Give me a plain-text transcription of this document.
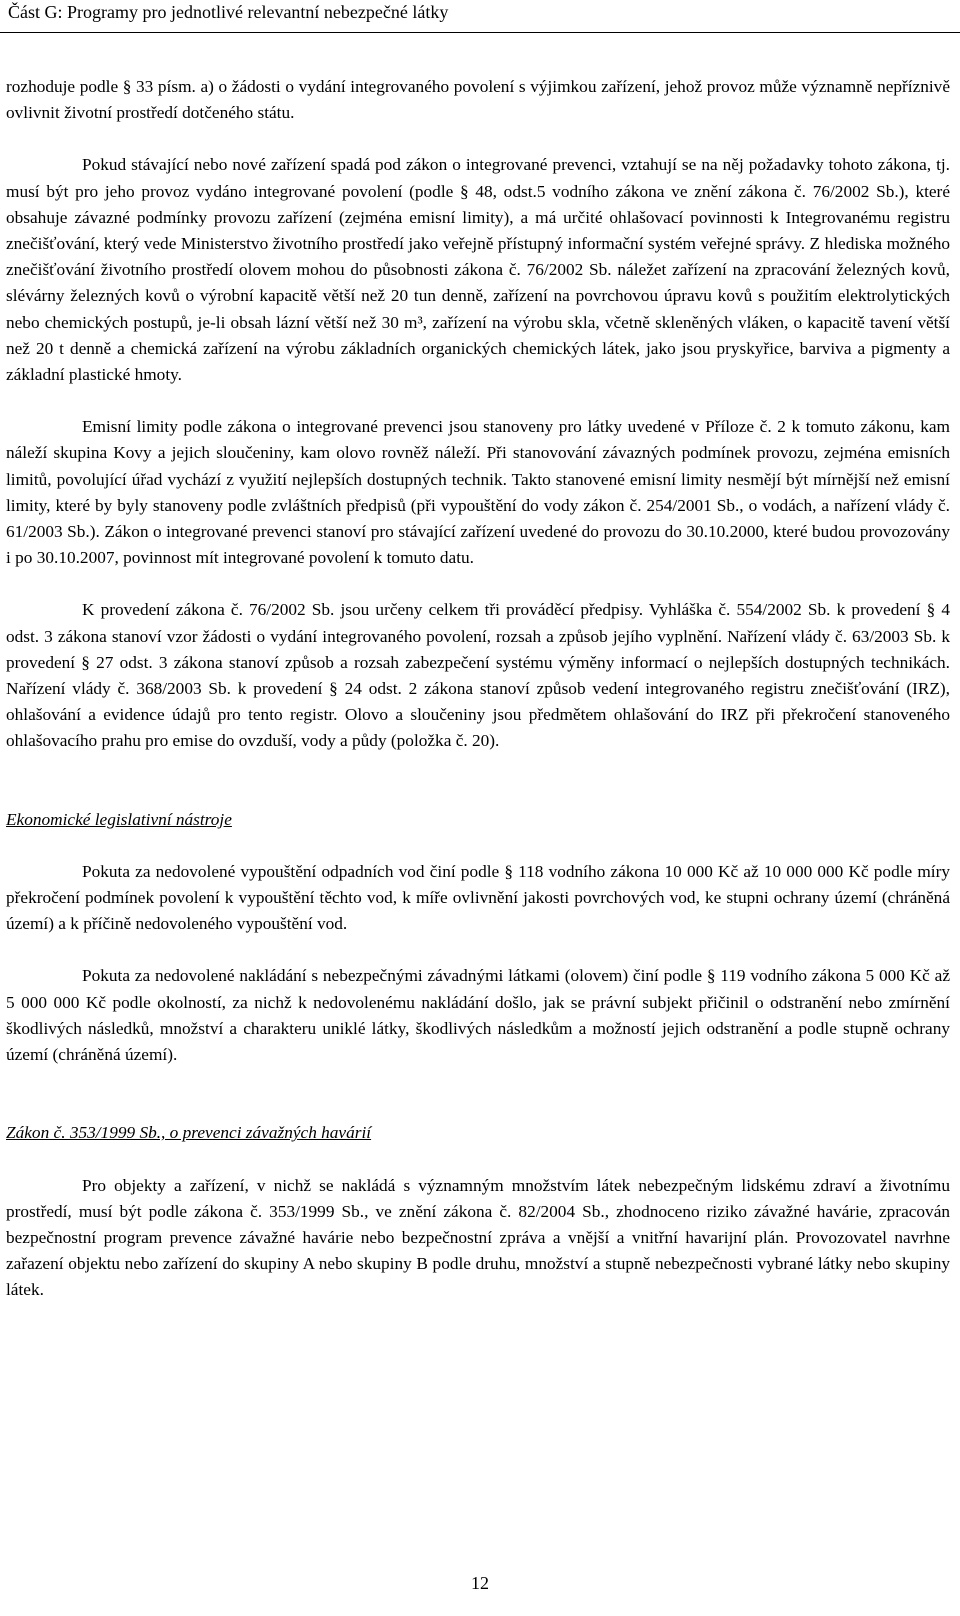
Část G: Programy pro jednotlivé relevantní nebezpečné látky

rozhoduje podle § 33 písm. a) o žádosti o vydání integrovaného povolení s výjimkou zařízení, jehož provoz může významně nepříznivě ovlivnit životní prostředí dotčeného státu.

Pokud stávající nebo nové zařízení spadá pod zákon o integrované prevenci, vztahují se na něj požadavky tohoto zákona, tj. musí být pro jeho provoz vydáno integrované povolení (podle § 48, odst.5 vodního zákona ve znění zákona č. 76/2002 Sb.), které obsahuje závazné podmínky provozu zařízení (zejména emisní limity), a má určité ohlašovací povinnosti k Integrovanému registru znečišťování, který vede Ministerstvo životního prostředí jako veřejně přístupný informační systém veřejné správy. Z hlediska možného znečišťování životního prostředí olovem mohou do působnosti zákona č. 76/2002 Sb. náležet zařízení na zpracování železných kovů, slévárny železných kovů o výrobní kapacitě větší než 20 tun denně, zařízení na povrchovou úpravu kovů s použitím elektrolytických nebo chemických postupů, je-li obsah lázní větší než 30 m³, zařízení na výrobu skla, včetně skleněných vláken, o kapacitě tavení větší než 20 t denně a chemická zařízení na výrobu základních organických chemických látek, jako jsou pryskyřice, barviva a pigmenty a základní plastické hmoty.

Emisní limity podle zákona o integrované prevenci jsou stanoveny pro látky uvedené v Příloze č. 2 k tomuto zákonu, kam náleží skupina Kovy a jejich sloučeniny, kam olovo rovněž náleží. Při stanovování závazných podmínek provozu, zejména emisních limitů, povolující úřad vychází z využití nejlepších dostupných technik. Takto stanovené emisní limity nesmějí být mírnější než emisní limity, které by byly stanoveny podle zvláštních předpisů (při vypouštění do vody zákon č. 254/2001 Sb., o vodách, a nařízení vlády č. 61/2003 Sb.). Zákon o integrované prevenci stanoví pro stávající zařízení uvedené do provozu do 30.10.2000, které budou provozovány i po 30.10.2007, povinnost mít integrované povolení k tomuto datu.

K provedení zákona č. 76/2002 Sb. jsou určeny celkem tři prováděcí předpisy. Vyhláška č. 554/2002 Sb. k provedení § 4 odst. 3 zákona stanoví vzor žádosti o vydání integrovaného povolení, rozsah a způsob jejího vyplnění. Nařízení vlády č. 63/2003 Sb. k provedení § 27 odst. 3 zákona stanoví způsob a rozsah zabezpečení systému výměny informací o nejlepších dostupných technikách. Nařízení vlády č. 368/2003 Sb. k provedení § 24 odst. 2 zákona stanoví způsob vedení integrovaného registru znečišťování (IRZ), ohlašování a evidence údajů pro tento registr. Olovo a sloučeniny jsou předmětem ohlašování do IRZ při překročení stanoveného ohlašovacího prahu pro emise do ovzduší, vody a půdy (položka č. 20).

Ekonomické legislativní nástroje

Pokuta za nedovolené vypouštění odpadních vod činí podle § 118 vodního zákona 10 000 Kč až 10 000 000 Kč podle míry překročení podmínek povolení k vypouštění těchto vod, k míře ovlivnění jakosti povrchových vod, ke stupni ochrany území (chráněná území) a k příčině nedovoleného vypouštění vod.

Pokuta za nedovolené nakládání s nebezpečnými závadnými látkami (olovem) činí podle § 119 vodního zákona 5 000 Kč až 5 000 000 Kč podle okolností, za nichž k nedovolenému nakládání došlo, jak se právní subjekt přičinil o odstranění nebo zmírnění škodlivých následků, množství a charakteru uniklé látky, škodlivých následkům a možností jejich odstranění a podle stupně ochrany území (chráněná území).

Zákon č. 353/1999 Sb., o prevenci závažných havárií

Pro objekty a zařízení, v nichž se nakládá s významným množstvím látek nebezpečným lidskému zdraví a životnímu prostředí, musí být podle zákona č. 353/1999 Sb., ve znění zákona č. 82/2004 Sb., zhodnoceno riziko závažné havárie, zpracován bezpečnostní program prevence závažné havárie nebo bezpečnostní zpráva a vnější a vnitřní havarijní plán. Provozovatel navrhne zařazení objektu nebo zařízení do skupiny A nebo skupiny B podle druhu, množství a stupně nebezpečnosti vybrané látky nebo skupiny látek.

12
